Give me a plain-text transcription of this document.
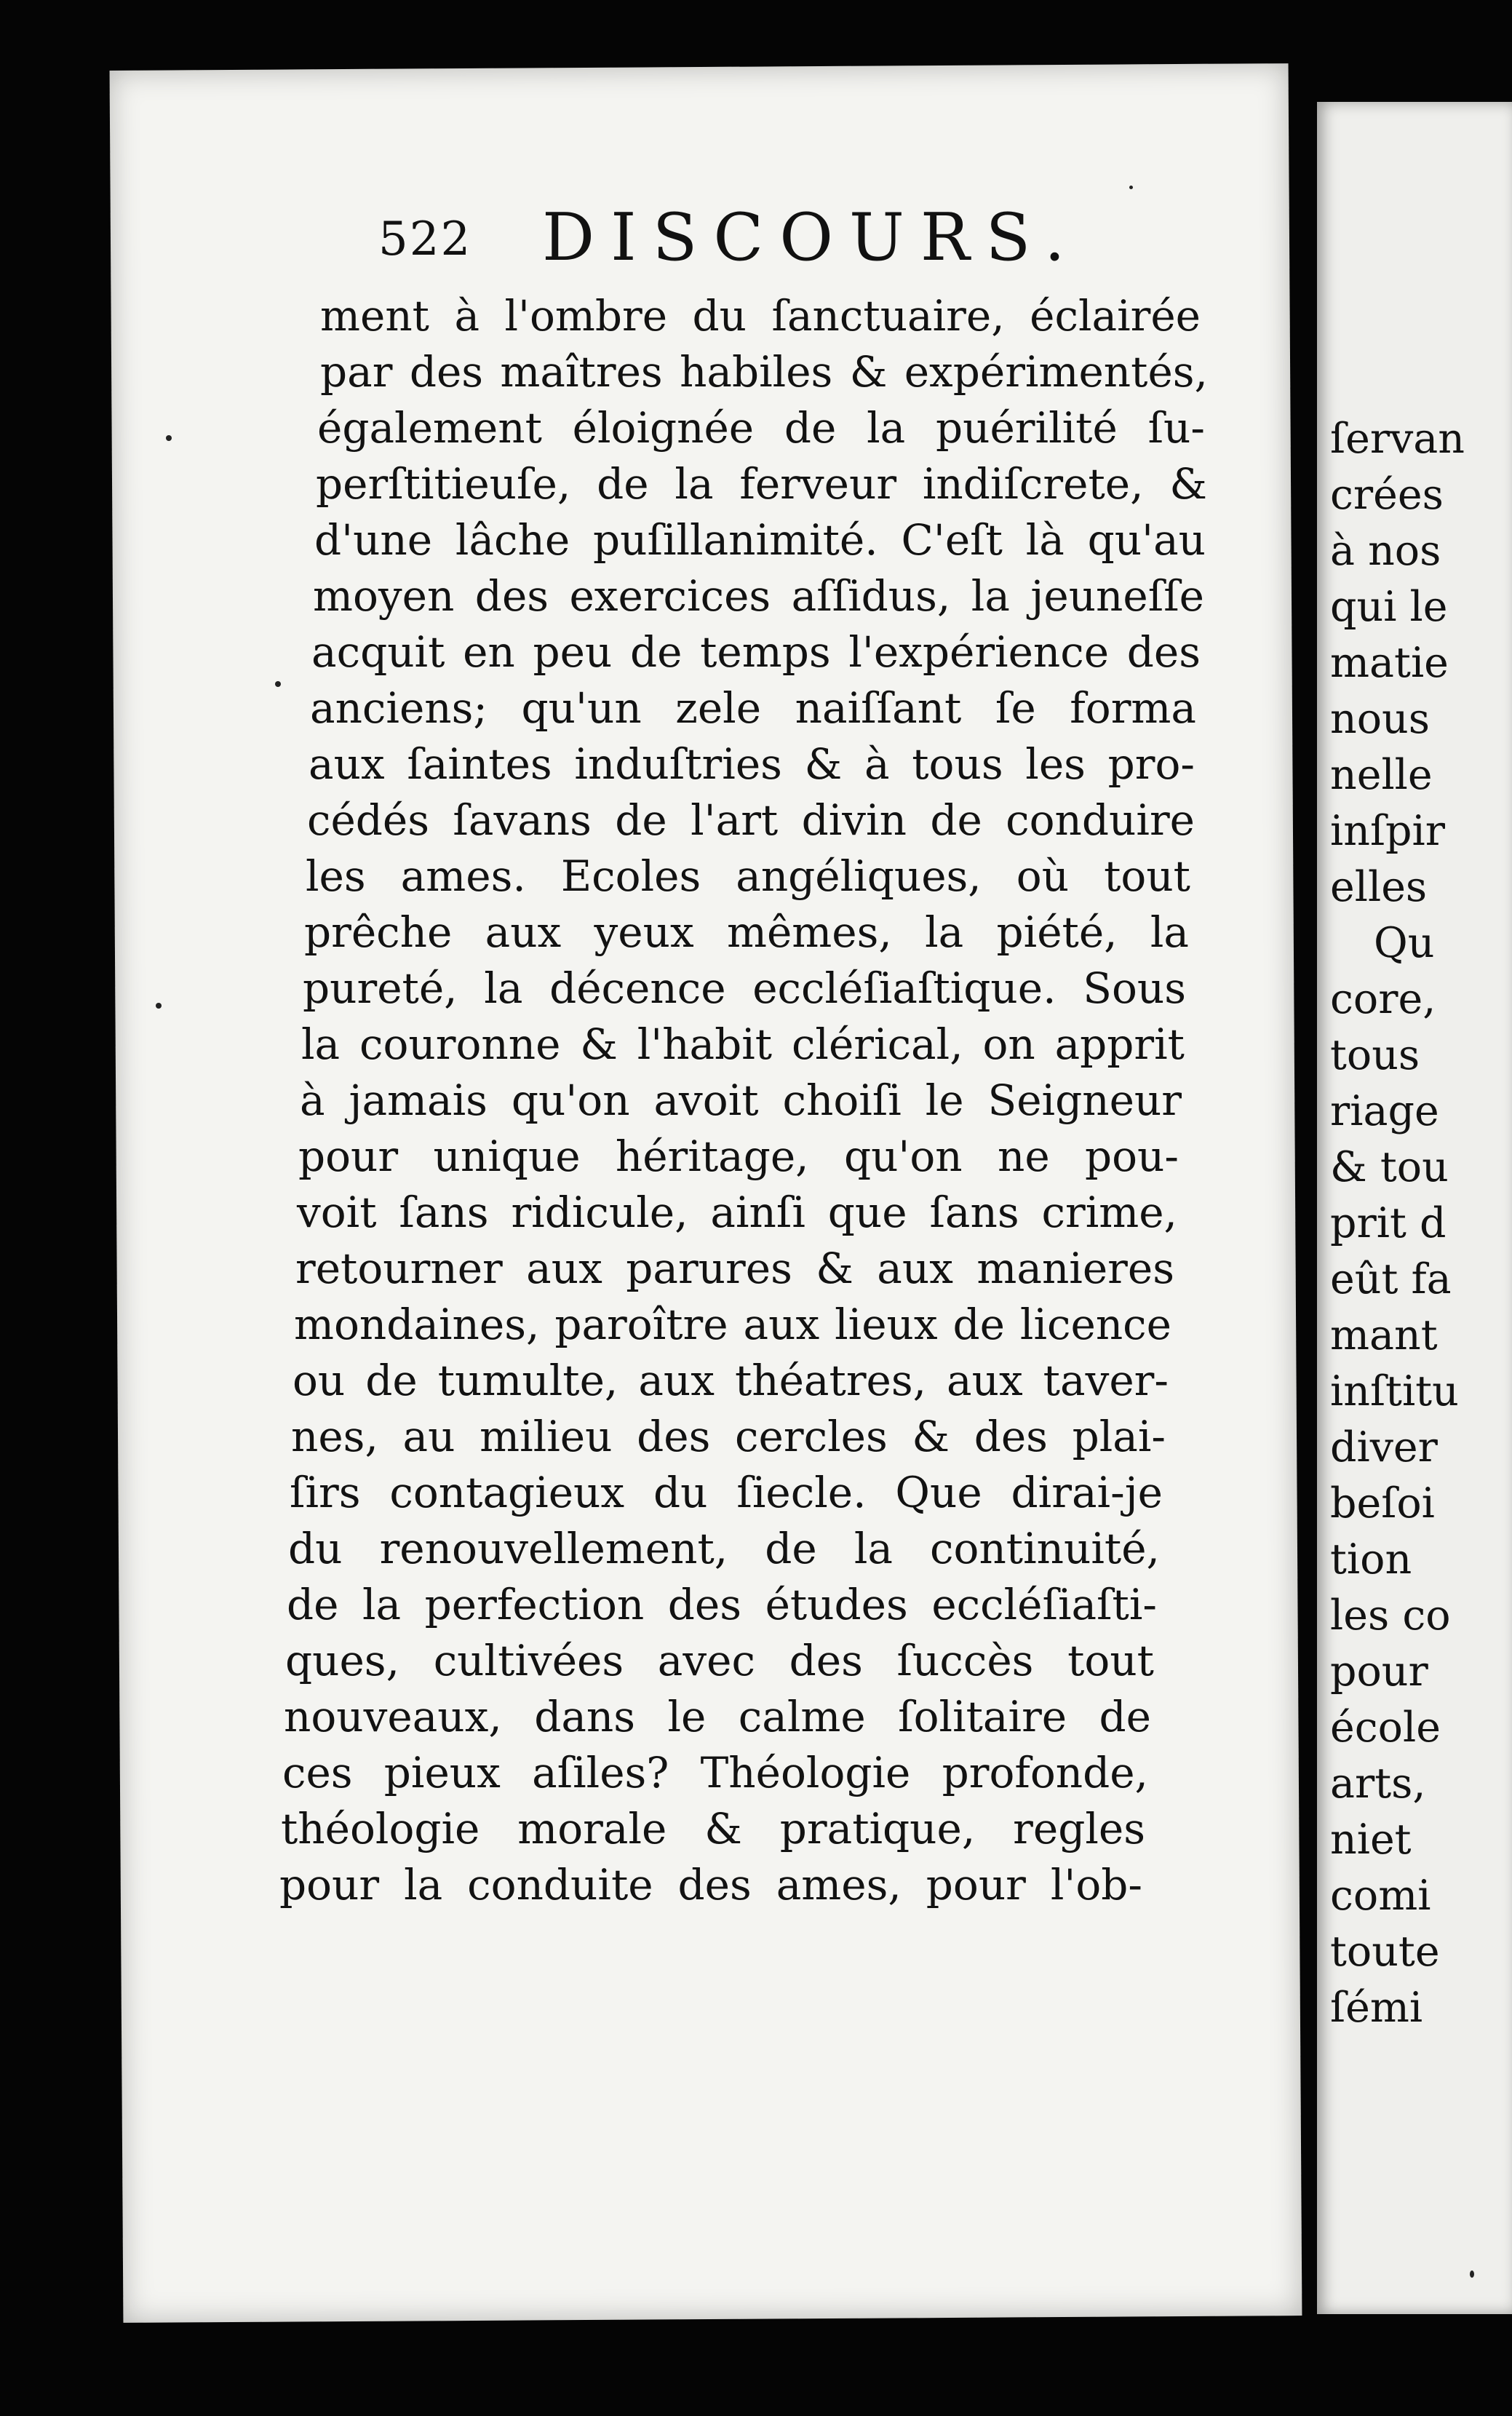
ſervan
crées
à nos
qui le
matie
nous
nelle
inſpir
elles
Qu
core,
tous
riage
& tou
prit d
eût fa
mant
inſtitu
diver
beſoi
tion
les co
pour
école
arts,
niet
comi
toute
ſémi
522 DISCOURS.
ment à l'ombre du ſanctuaire, éclairée
par des maîtres habiles & expérimentés,
également éloignée de la puérilité ſu-
perſtitieuſe, de la ferveur indiſcrete, &
d'une lâche puſillanimité. C'eſt là qu'au
moyen des exercices aſſidus, la jeuneſſe
acquit en peu de temps l'expérience des
anciens; qu'un zele naiſſant ſe forma
aux ſaintes induſtries & à tous les pro-
cédés ſavans de l'art divin de conduire
les ames. Ecoles angéliques, où tout
prêche aux yeux mêmes, la piété, la
pureté, la décence eccléſiaſtique. Sous
la couronne & l'habit clérical, on apprit
à jamais qu'on avoit choiſi le Seigneur
pour unique héritage, qu'on ne pou-
voit ſans ridicule, ainſi que ſans crime,
retourner aux parures & aux manieres
mondaines, paroître aux lieux de licence
ou de tumulte, aux théatres, aux taver-
nes, au milieu des cercles & des plai-
ſirs contagieux du ſiecle. Que dirai-je
du renouvellement, de la continuité,
de la perfection des études eccléſiaſti-
ques, cultivées avec des ſuccès tout
nouveaux, dans le calme ſolitaire de
ces pieux aſiles? Théologie profonde,
théologie morale & pratique, regles
pour la conduite des ames, pour l'ob-
